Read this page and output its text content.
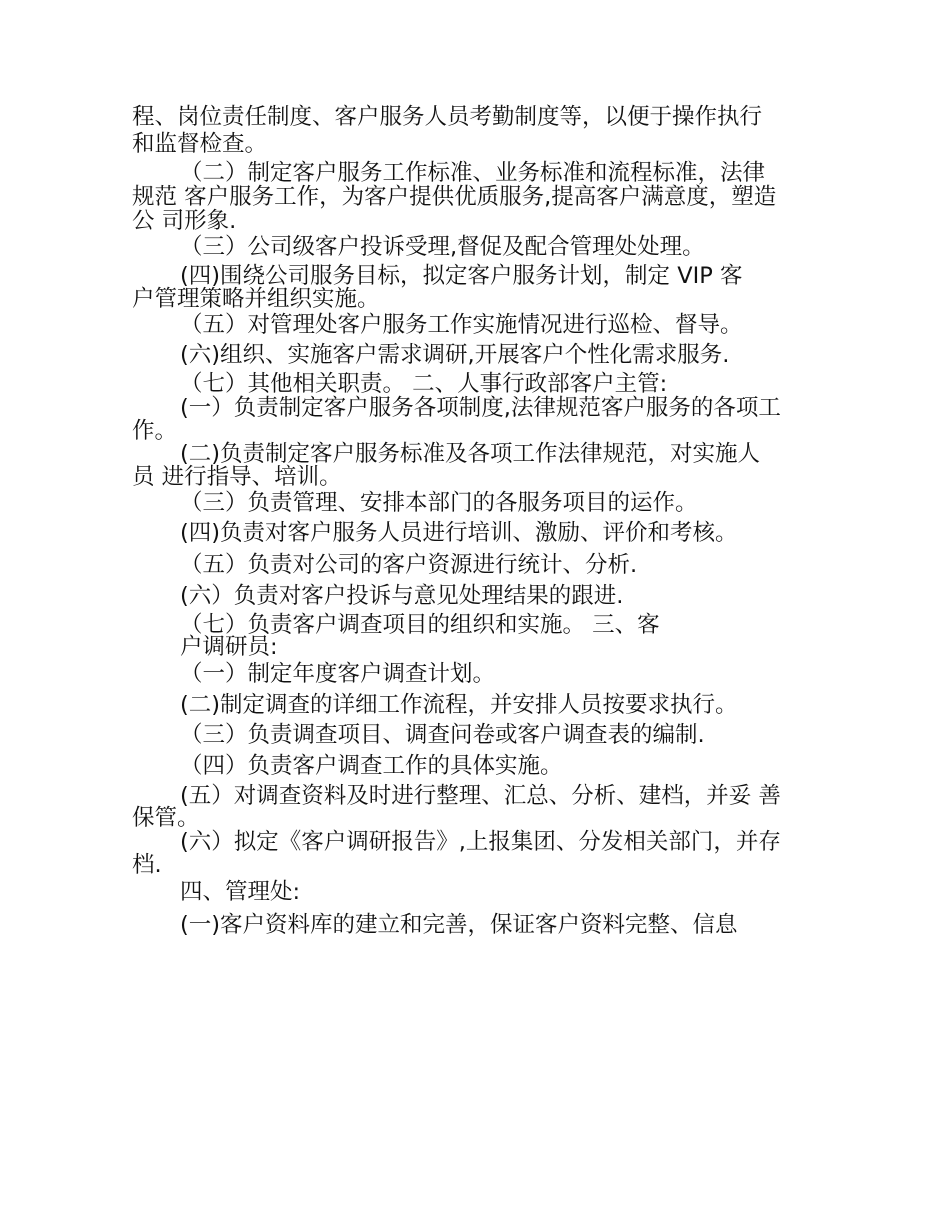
程、岗位责任制度、客户服务人员考勤制度等，以便于操作执行
和监督检查。
（二）制定客户服务工作标准、业务标准和流程标准，法律
规范 客户服务工作，为客户提供优质服务,提高客户满意度，塑造
公 司形象.
（三）公司级客户投诉受理,督促及配合管理处处理。
(四)围绕公司服务目标，拟定客户服务计划，制定 VIP 客
户管理策略并组织实施。
（五）对管理处客户服务工作实施情况进行巡检、督导。
(六)组织、实施客户需求调研,开展客户个性化需求服务.
（七）其他相关职责。 二、人事行政部客户主管:
(一）负责制定客户服务各项制度,法律规范客户服务的各项工
作。
(二)负责制定客户服务标准及各项工作法律规范，对实施人
员 进行指导、培训。
（三）负责管理、安排本部门的各服务项目的运作。
(四)负责对客户服务人员进行培训、激励、评价和考核。
（五）负责对公司的客户资源进行统计、分析.
(六）负责对客户投诉与意见处理结果的跟进.
（七）负责客户调查项目的组织和实施。 三、客
户调研员:
（一）制定年度客户调查计划。
(二)制定调查的详细工作流程，并安排人员按要求执行。
（三）负责调查项目、调查问卷或客户调查表的编制.
（四）负责客户调查工作的具体实施。
(五）对调查资料及时进行整理、汇总、分析、建档，并妥 善
保管。
(六）拟定《客户调研报告》,上报集团、分发相关部门，并存
档.
四、管理处:
(一)客户资料库的建立和完善，保证客户资料完整、信息
